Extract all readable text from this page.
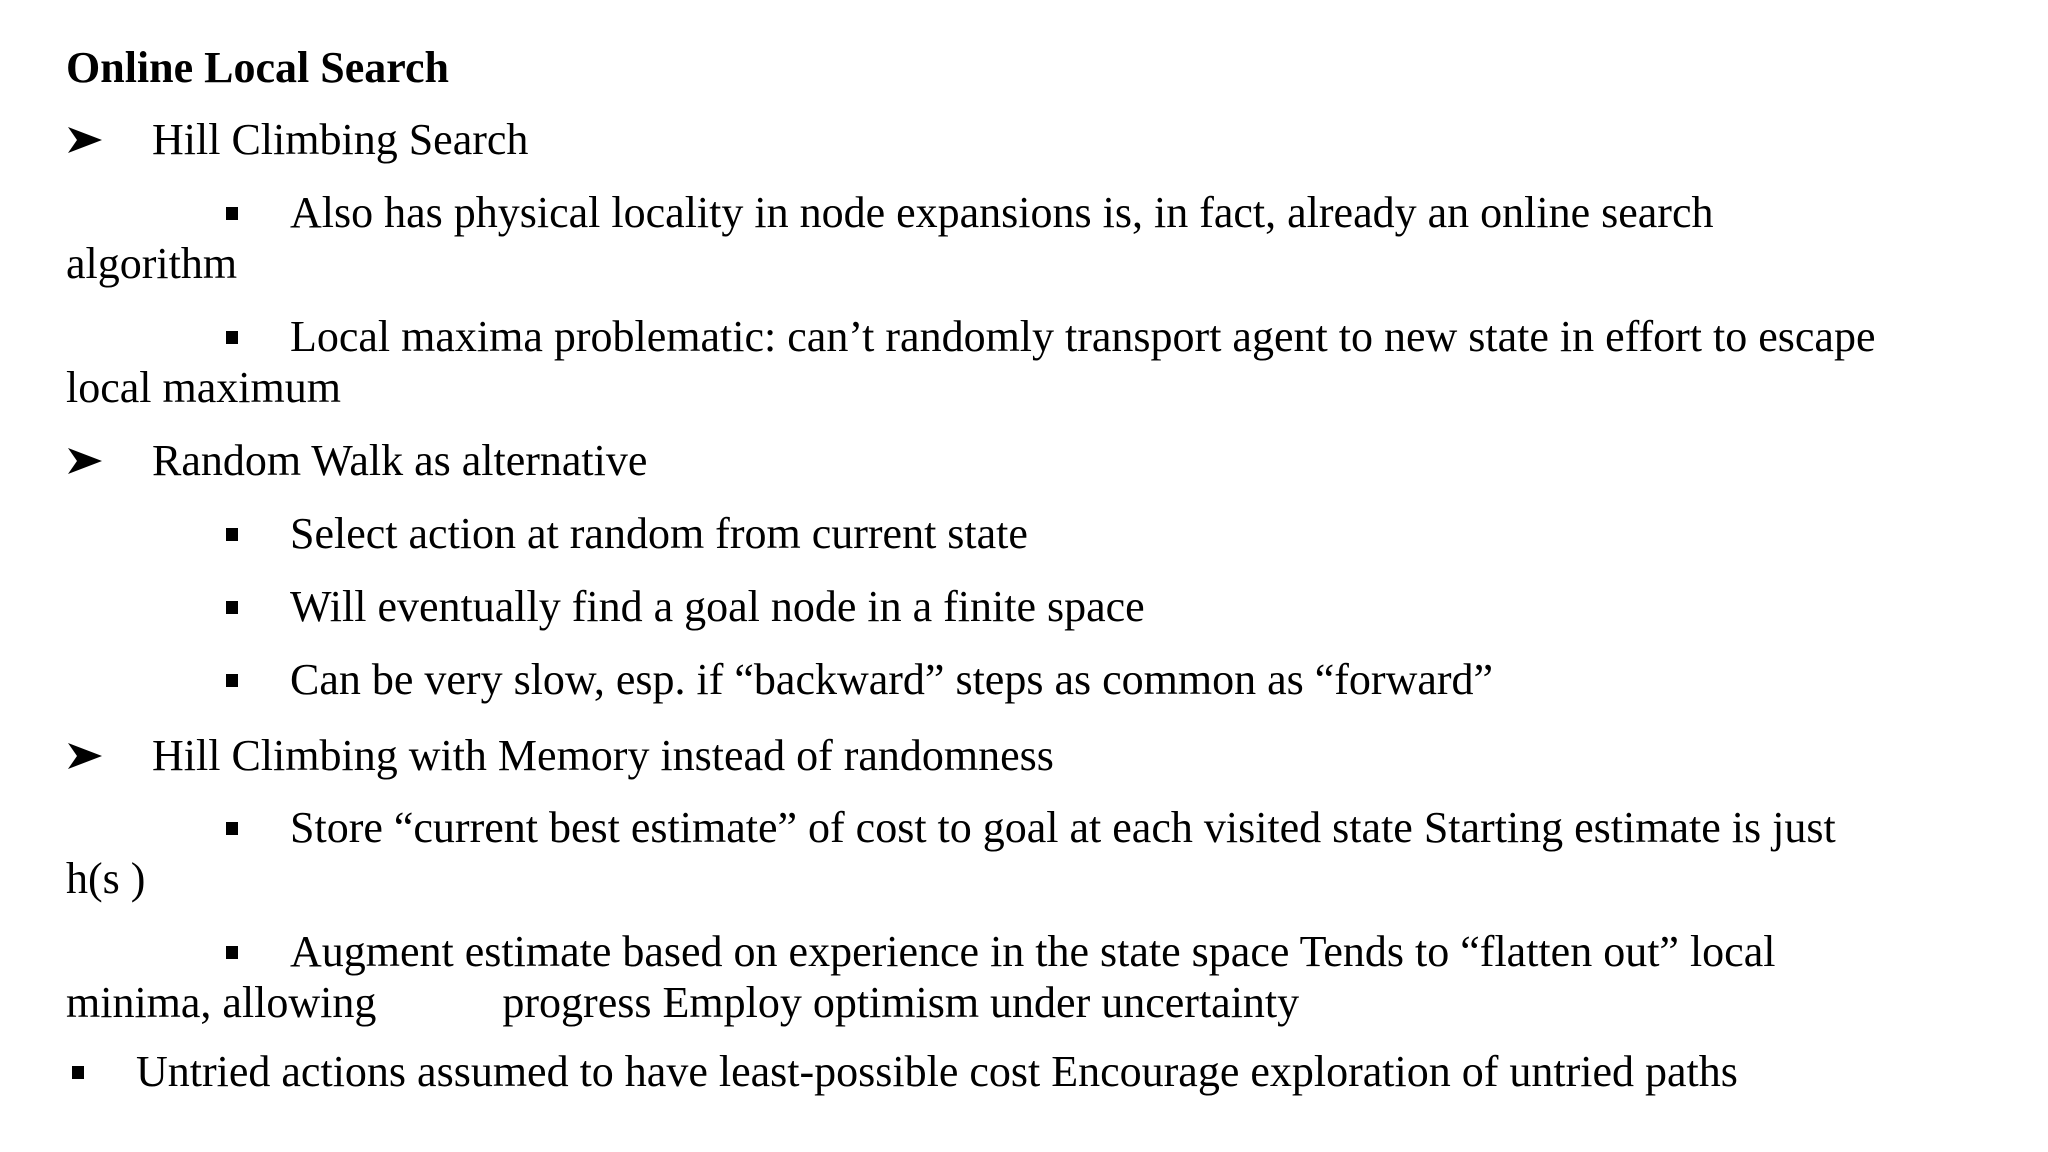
Online Local Search
Hill Climbing Search
Also has physical locality in node expansions is, in fact, already an online search
algorithm
Local maxima problematic: can’t randomly transport agent to new state in effort to escape
local maximum
Random Walk as alternative
Select action at random from current state
Will eventually find a goal node in a finite space
Can be very slow, esp. if “backward” steps as common as “forward”
Hill Climbing with Memory instead of randomness
Store “current best estimate” of cost to goal at each visited state Starting estimate is just
h(s )
Augment estimate based on experience in the state space Tends to “flatten out” local
minima, allowing	progress Employ optimism under uncertainty
Untried actions assumed to have least-possible cost Encourage exploration of untried paths
